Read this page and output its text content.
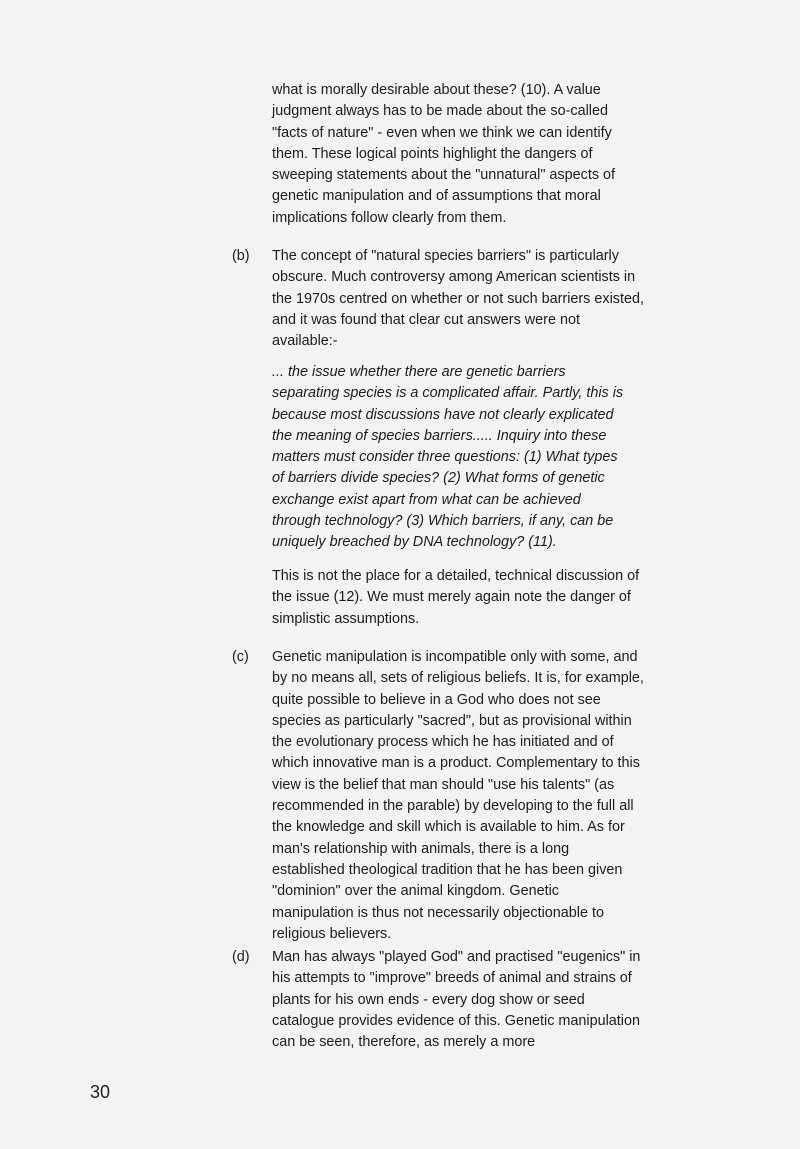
what is morally desirable about these? (10). A value judgment always has to be made about the so-called "facts of nature" - even when we think we can identify them. These logical points highlight the dangers of sweeping statements about the "unnatural" aspects of genetic manipulation and of assumptions that moral implications follow clearly from them.

(b) The concept of "natural species barriers" is particularly obscure. Much controversy among American scientists in the 1970s centred on whether or not such barriers existed, and it was found that clear cut answers were not available:-

... the issue whether there are genetic barriers separating species is a complicated affair. Partly, this is because most discussions have not clearly explicated the meaning of species barriers..... Inquiry into these matters must consider three questions: (1) What types of barriers divide species? (2) What forms of genetic exchange exist apart from what can be achieved through technology? (3) Which barriers, if any, can be uniquely breached by DNA technology? (11).

This is not the place for a detailed, technical discussion of the issue (12). We must merely again note the danger of simplistic assumptions.

(c) Genetic manipulation is incompatible only with some, and by no means all, sets of religious beliefs. It is, for example, quite possible to believe in a God who does not see species as particularly "sacred", but as provisional within the evolutionary process which he has initiated and of which innovative man is a product. Complementary to this view is the belief that man should "use his talents" (as recommended in the parable) by developing to the full all the knowledge and skill which is available to him. As for man's relationship with animals, there is a long established theological tradition that he has been given "dominion" over the animal kingdom. Genetic manipulation is thus not necessarily objectionable to religious believers.

(d) Man has always "played God" and practised "eugenics" in his attempts to "improve" breeds of animal and strains of plants for his own ends - every dog show or seed catalogue provides evidence of this. Genetic manipulation can be seen, therefore, as merely a more

30
